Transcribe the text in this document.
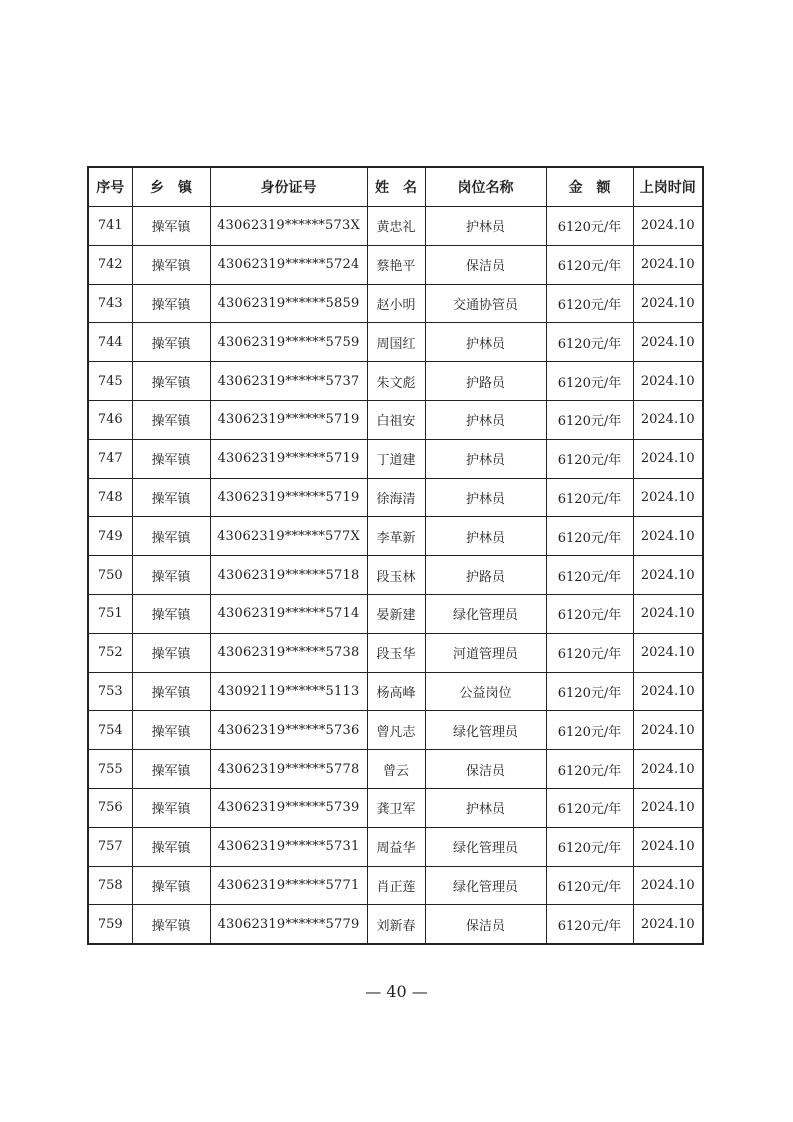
序号	乡　镇	身份证号	姓　名	岗位名称	金　额	上岗时间
741	操军镇	43062319******573X	黄忠礼	护林员	6120元/年	2024.10
742	操军镇	43062319******5724	蔡艳平	保洁员	6120元/年	2024.10
743	操军镇	43062319******5859	赵小明	交通协管员	6120元/年	2024.10
744	操军镇	43062319******5759	周国红	护林员	6120元/年	2024.10
745	操军镇	43062319******5737	朱文彪	护路员	6120元/年	2024.10
746	操军镇	43062319******5719	白祖安	护林员	6120元/年	2024.10
747	操军镇	43062319******5719	丁道建	护林员	6120元/年	2024.10
748	操军镇	43062319******5719	徐海清	护林员	6120元/年	2024.10
749	操军镇	43062319******577X	李革新	护林员	6120元/年	2024.10
750	操军镇	43062319******5718	段玉林	护路员	6120元/年	2024.10
751	操军镇	43062319******5714	晏新建	绿化管理员	6120元/年	2024.10
752	操军镇	43062319******5738	段玉华	河道管理员	6120元/年	2024.10
753	操军镇	43092119******5113	杨高峰	公益岗位	6120元/年	2024.10
754	操军镇	43062319******5736	曾凡志	绿化管理员	6120元/年	2024.10
755	操军镇	43062319******5778	曾云	保洁员	6120元/年	2024.10
756	操军镇	43062319******5739	龚卫军	护林员	6120元/年	2024.10
757	操军镇	43062319******5731	周益华	绿化管理员	6120元/年	2024.10
758	操军镇	43062319******5771	肖正莲	绿化管理员	6120元/年	2024.10
759	操军镇	43062319******5779	刘新春	保洁员	6120元/年	2024.10
— 40 —
